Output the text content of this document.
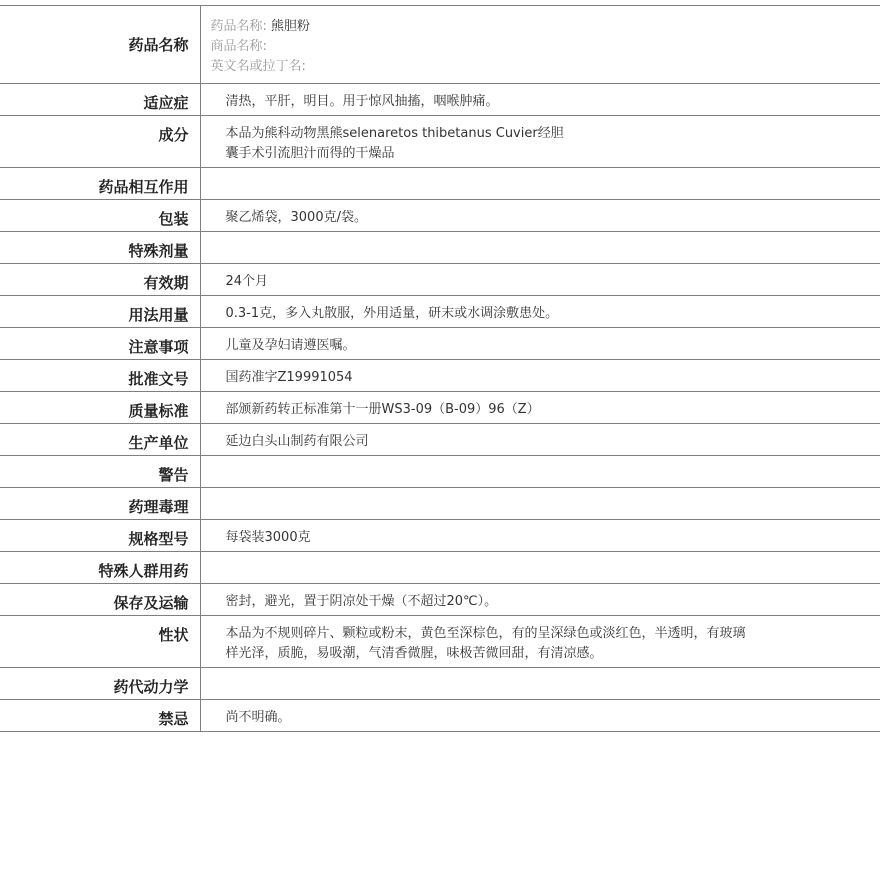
药品名称	药品名称: 熊胆粉
商品名称:
英文名或拉丁名:

适应症	清热，平肝，明目。用于惊风抽搐，咽喉肿痛。

成分	本品为熊科动物黑熊selenaretos thibetanus Cuvier经胆
囊手术引流胆汁而得的干燥品

药品相互作用	

包装	聚乙烯袋，3000克/袋。

特殊剂量	

有效期	24个月

用法用量	0.3-1克，多入丸散服，外用适量，研末或水调涂敷患处。

注意事项	儿童及孕妇请遵医嘱。

批准文号	国药准字Z19991054

质量标准	部颁新药转正标准第十一册WS3-09（B-09）96（Z）

生产单位	延边白头山制药有限公司

警告	

药理毒理	

规格型号	每袋装3000克

特殊人群用药	

保存及运输	密封，避光，置于阴凉处干燥（不超过20℃）。

性状	本品为不规则碎片、颗粒或粉末，黄色至深棕色，有的呈深绿色或淡红色，半透明，有玻璃
样光泽，质脆，易吸潮，气清香微腥，味极苦微回甜，有清凉感。

药代动力学	

禁忌	尚不明确。
